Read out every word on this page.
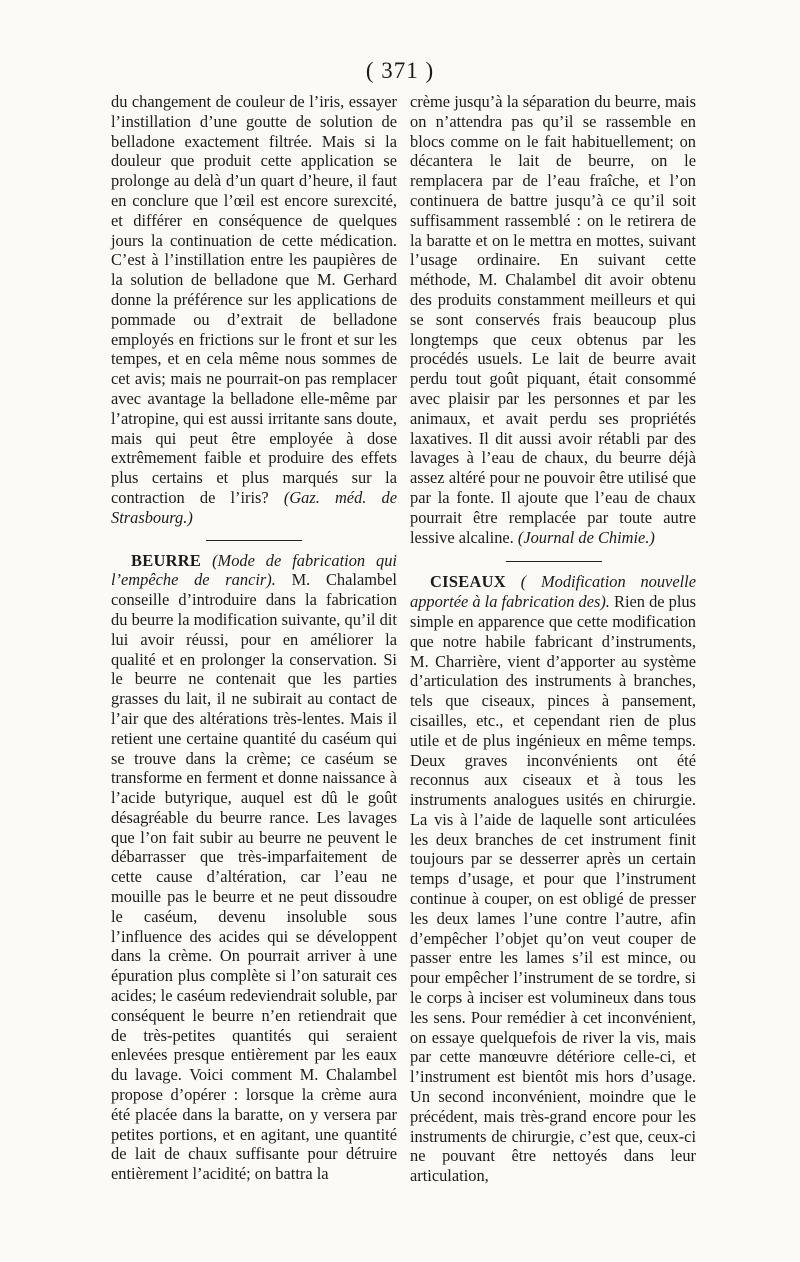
( 371 )

du changement de couleur de l’iris, essayer l’instillation d’une goutte de solution de belladone exactement filtrée. Mais si la douleur que produit cette application se prolonge au delà d’un quart d’heure, il faut en conclure que l’œil est encore surexcité, et différer en conséquence de quelques jours la continuation de cette médication. C’est à l’instillation entre les paupières de la solution de belladone que M. Gerhard donne la préférence sur les applications de pommade ou d’extrait de belladone employés en frictions sur le front et sur les tempes, et en cela même nous sommes de cet avis; mais ne pourrait-on pas remplacer avec avantage la belladone elle-même par l’atropine, qui est aussi irritante sans doute, mais qui peut être employée à dose extrêmement faible et produire des effets plus certains et plus marqués sur la contraction de l’iris? (Gaz. méd. de Strasbourg.)

BEURRE (Mode de fabrication qui l’empêche de rancir). M. Chalambel conseille d’introduire dans la fabrication du beurre la modification suivante, qu’il dit lui avoir réussi, pour en améliorer la qualité et en prolonger la conservation. Si le beurre ne contenait que les parties grasses du lait, il ne subirait au contact de l’air que des altérations très-lentes. Mais il retient une certaine quantité du caséum qui se trouve dans la crème; ce caséum se transforme en ferment et donne naissance à l’acide butyrique, auquel est dû le goût désagréable du beurre rance. Les lavages que l’on fait subir au beurre ne peuvent le débarrasser que très-imparfaitement de cette cause d’altération, car l’eau ne mouille pas le beurre et ne peut dissoudre le caséum, devenu insoluble sous l’influence des acides qui se développent dans la crème. On pourrait arriver à une épuration plus complète si l’on saturait ces acides; le caséum redeviendrait soluble, par conséquent le beurre n’en retiendrait que de très-petites quantités qui seraient enlevées presque entièrement par les eaux du lavage. Voici comment M. Chalambel propose d’opérer : lorsque la crème aura été placée dans la baratte, on y versera par petites portions, et en agitant, une quantité de lait de chaux suffisante pour détruire entièrement l’acidité; on battra la

crème jusqu’à la séparation du beurre, mais on n’attendra pas qu’il se rassemble en blocs comme on le fait habituellement; on décantera le lait de beurre, on le remplacera par de l’eau fraîche, et l’on continuera de battre jusqu’à ce qu’il soit suffisamment rassemblé : on le retirera de la baratte et on le mettra en mottes, suivant l’usage ordinaire. En suivant cette méthode, M. Chalambel dit avoir obtenu des produits constamment meilleurs et qui se sont conservés frais beaucoup plus longtemps que ceux obtenus par les procédés usuels. Le lait de beurre avait perdu tout goût piquant, était consommé avec plaisir par les personnes et par les animaux, et avait perdu ses propriétés laxatives. Il dit aussi avoir rétabli par des lavages à l’eau de chaux, du beurre déjà assez altéré pour ne pouvoir être utilisé que par la fonte. Il ajoute que l’eau de chaux pourrait être remplacée par toute autre lessive alcaline. (Journal de Chimie.)

CISEAUX ( Modification nouvelle apportée à la fabrication des). Rien de plus simple en apparence que cette modification que notre habile fabricant d’instruments, M. Charrière, vient d’apporter au système d’articulation des instruments à branches, tels que ciseaux, pinces à pansement, cisailles, etc., et cependant rien de plus utile et de plus ingénieux en même temps. Deux graves inconvénients ont été reconnus aux ciseaux et à tous les instruments analogues usités en chirurgie. La vis à l’aide de laquelle sont articulées les deux branches de cet instrument finit toujours par se desserrer après un certain temps d’usage, et pour que l’instrument continue à couper, on est obligé de presser les deux lames l’une contre l’autre, afin d’empêcher l’objet qu’on veut couper de passer entre les lames s’il est mince, ou pour empêcher l’instrument de se tordre, si le corps à inciser est volumineux dans tous les sens. Pour remédier à cet inconvénient, on essaye quelquefois de river la vis, mais par cette manœuvre détériore celle-ci, et l’instrument est bientôt mis hors d’usage. Un second inconvénient, moindre que le précédent, mais très-grand encore pour les instruments de chirurgie, c’est que, ceux-ci ne pouvant être nettoyés dans leur articulation,
